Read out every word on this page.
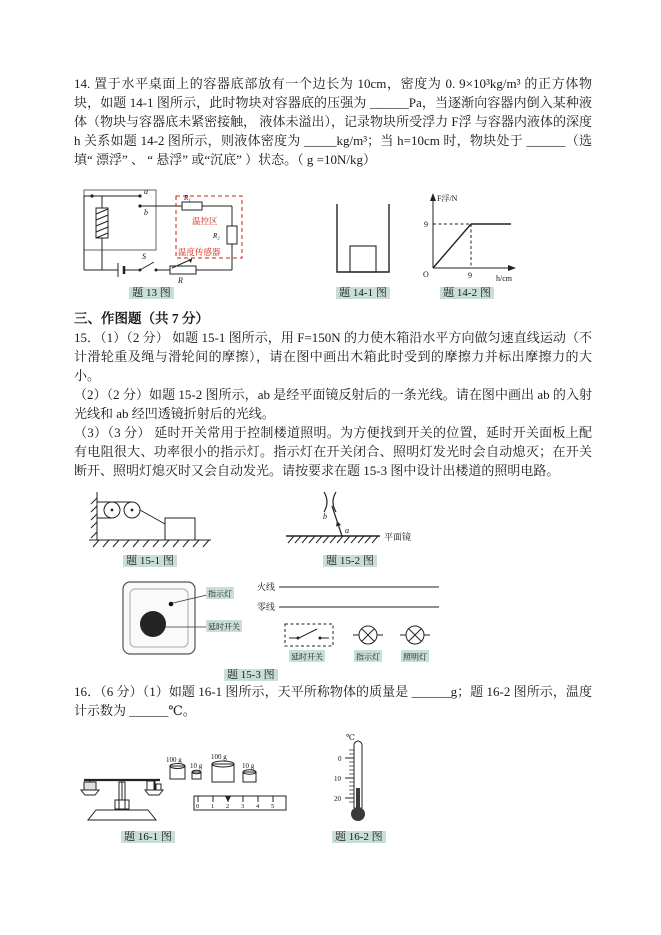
14. 置于水平桌面上的容器底部放有一个边长为 10cm，密度为 0. 9×10³kg/m³ 的正方体物块，如题 14-1 图所示，此时物块对容器底的压强为 ______Pa，当逐渐向容器内倒入某种液体（物块与容器底未紧密接触， 液体未溢出），记录物块所受浮力 F浮 与容器内液体的深度 h 关系如题 14-2 图所示，则液体密度为 _____kg/m³；当 h=10cm 时，物块处于 ______（选填“ 漂浮” 、 “ 悬浮” 或“沉底” ）状态。（ g =10N/kg）

a
b
S
R
R₁
R₂
温控区
温度传感器
题 13 图	题 14-1 图
F浮/N
h/cm
O
9
9
题 14-2 图
三、作图题（共 7 分）

15．（1）（2 分） 如题 15-1 图所示，用 F=150N 的力使木箱沿水平方向做匀速直线运动（不计滑轮重及绳与滑轮间的摩擦），请在图中画出木箱此时受到的摩擦力并标出摩擦力的大小。

（2）（2 分）如题 15-2 图所示，ab 是经平面镜反射后的一条光线。请在图中画出 ab 的入射光线和 ab 经凹透镜折射后的光线。

（3）（3 分） 延时开关常用于控制楼道照明。为方便找到开关的位置，延时开关面板上配有电阻很大、功率很小的指示灯。指示灯在开关闭合、照明灯发光时会自动熄灭；在开关断开、照明灯熄灭时又会自动发光。请按要求在题 15-3 图中设计出楼道的照明电路。

题 15-1 图
平面镜
b
a
题 15-2 图
指示灯
延时开关
火线
零线
延时开关	指示灯	照明灯
题 15-3 图

16．（6 分）（1）如题 16-1 图所示，天平所称物体的质量是 ______g；题 16-2 图所示，温度计示数为 ______℃。

100 g
10 g
100 g
10 g
0 1 2 3 4 5
题 16-1 图
℃
0
10
20
题 16-2 图
